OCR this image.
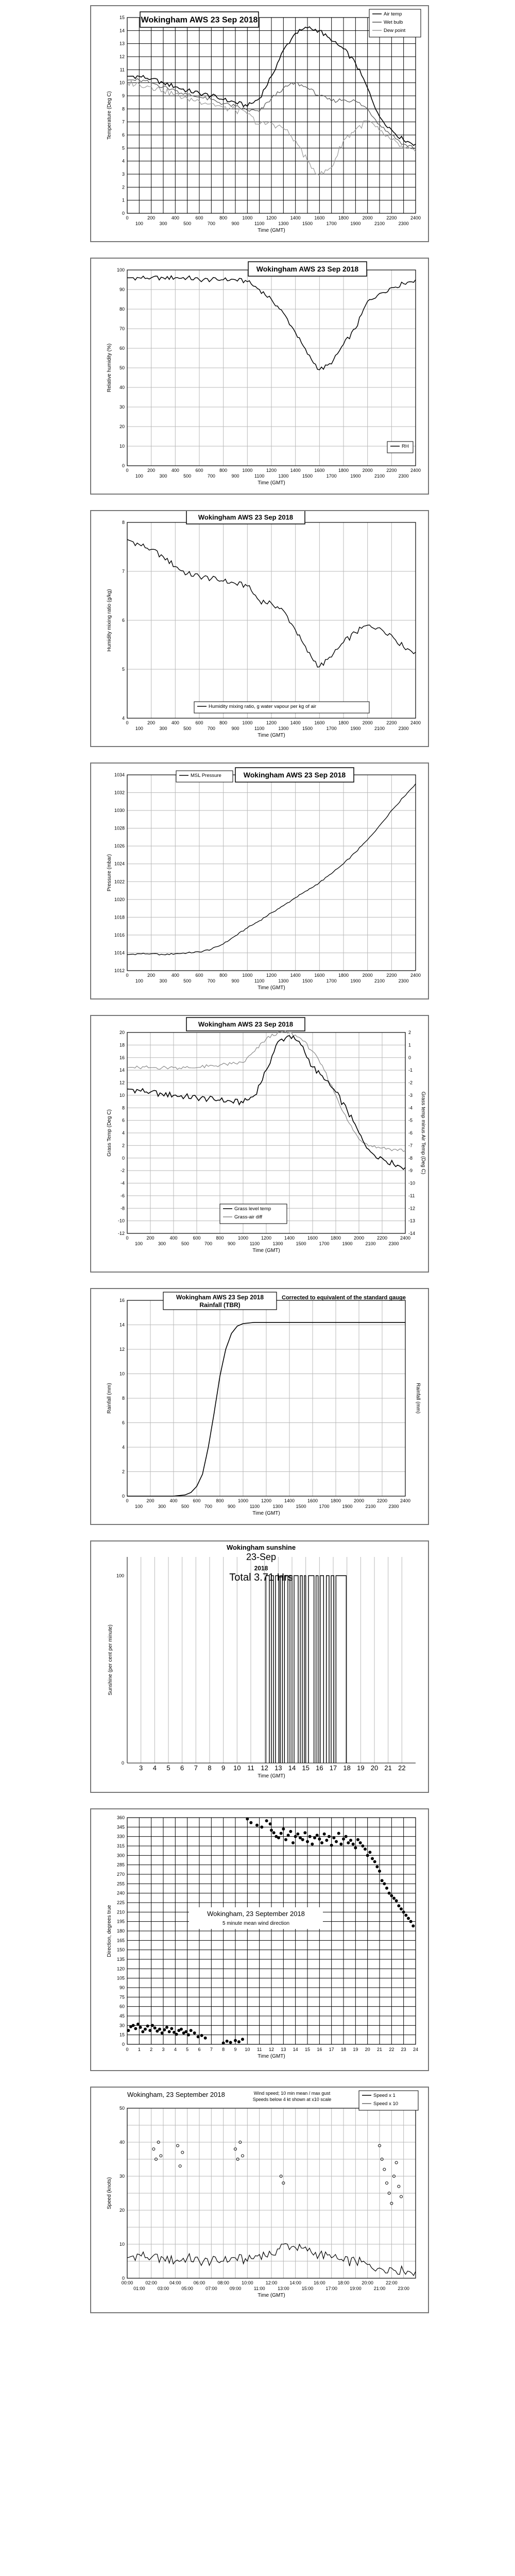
0
1
2
3
4
5
6
7
8
9
10
11
12
13
14
15
0	200	400	600	800	1000	1200	1400	1600	1800	2000	2200	2400
100	300	500	700	900	1100	1300	1500	1700	1900	2100	2300
Time (GMT)
Temperature (Deg C)
Wokingham AWS 23 Sep 2018
Air temp
Wet bulb
Dew point
0
10
20
30
40
50
60
70
80
90
100
0	200	400	600	800	1000	1200	1400	1600	1800	2000	2200	2400
100	300	500	700	900	1100	1300	1500	1700	1900	2100	2300
Time (GMT)
Relative humidity (%)
Wokingham AWS 23 Sep 2018
RH
4
5
6
7
8
0	200	400	600	800	1000	1200	1400	1600	1800	2000	2200	2400
100	300	500	700	900	1100	1300	1500	1700	1900	2100	2300
Time (GMT)
Humidity mixing ratio (g/kg)
Wokingham AWS 23 Sep 2018
Humidity mixing ratio, g water vapour per kg of air
1012
1014
1016
1018
1020
1022
1024
1026
1028
1030
1032
1034
0	200	400	600	800	1000	1200	1400	1600	1800	2000	2200	2400
100	300	500	700	900	1100	1300	1500	1700	1900	2100	2300
Time (GMT)
Pressure (mbar)
Wokingham AWS 23 Sep 2018
MSL Pressure
-12
-10
-8
-6
-4
-2
0
2
4
6
8
10
12
14
16
18
20
-14
-13
-12
-11
-10
-9
-8
-7
-6
-5
-4
-3
-2
-1
0
1
2
0	200	400	600	800	1000	1200	1400	1600	1800	2000	2200	2400
100	300	500	700	900	1100	1300	1500	1700	1900	2100	2300
Time (GMT)
Grass Temp (Deg C)	Grass temp minus Air Temp (Deg C)
Wokingham AWS 23 Sep 2018
Grass level temp
Grass-air diff
0
2
4
6
8
10
12
14
16
0	200	400	600	800	1000	1200	1400	1600	1800	2000	2200	2400
100	300	500	700	900	1100	1300	1500	1700	1900	2100	2300
Time (GMT)
Rainfall (mm)	Rainfall (mm)
Wokingham AWS 23 Sep 2018
Rainfall (TBR)
Corrected to equivalent of the standard gauge
3 4 5 6 7 8 9 10 11 12 13 14 15 16 17 18 19 20 21 22
0
100
Time (GMT)
Sunshine (per cent per minute)
Wokingham sunshine
23-Sep
2018
Total 3.71 Hrs
0
15
30
45
60
75
90
105
120
135
150
165
180
195
210
225
240
255
270
285
300
315
330
345
360
0 1 2 3 4 5 6 7 8 9 10 11 12 13 14 15 16 17 18 19 20 21 22 23 24
Time (GMT)
Direction, degrees true	Wokingham, 23 September 2018
5 minute mean wind direction
0
10
20
30
40
50
00:00	02:00	04:00	06:00	08:00	10:00	12:00	14:00	16:00	18:00	20:00	22:00
01:00	03:00	05:00	07:00	09:00	11:00	13:00	15:00	17:00	19:00	21:00	23:00
Time (GMT)
Speed (knots)
Wokingham, 23 September 2018	Wind speed; 10 min mean / max gust
Speeds below 4 kt shown at x10 scale
Speed x 1
Speed x 10
